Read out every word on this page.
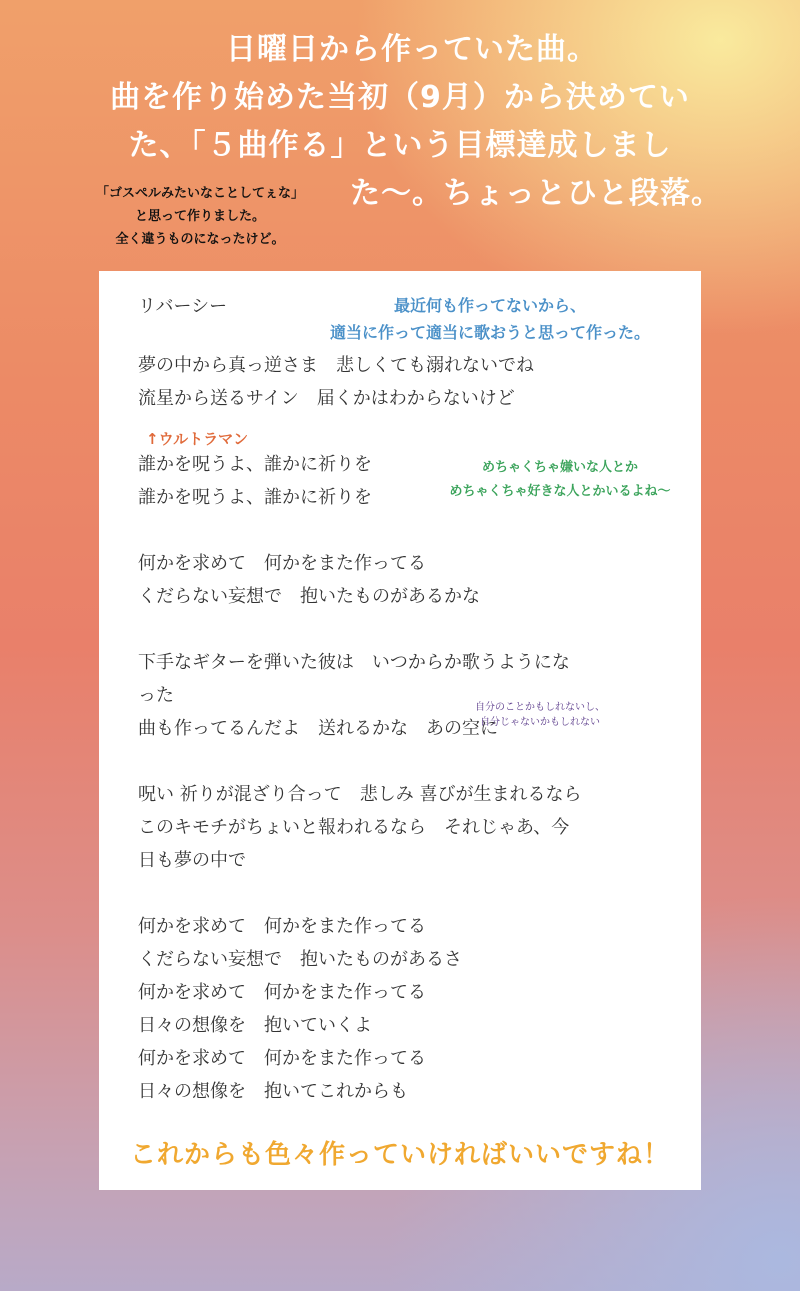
日曜日から作っていた曲。
曲を作り始めた当初（9月）から決めてい
た、「５曲作る」という目標達成しまし
た〜。ちょっとひと段落。
「ゴスペルみたいなことしてぇな」
と思って作りました。
全く違うものになったけど。
リバーシー
夢の中から真っ逆さま　悲しくても溺れないでね
流星から送るサイン　届くかはわからないけど
誰かを呪うよ、誰かに祈りを
誰かを呪うよ、誰かに祈りを
何かを求めて　何かをまた作ってる
くだらない妄想で　抱いたものがあるかな
下手なギターを弾いた彼は　いつからか歌うようにな
った
曲も作ってるんだよ　送れるかな　あの空に
呪い 祈りが混ざり合って　悲しみ 喜びが生まれるなら
このキモチがちょいと報われるなら　それじゃあ、今
日も夢の中で
何かを求めて　何かをまた作ってる
くだらない妄想で　抱いたものがあるさ
何かを求めて　何かをまた作ってる
日々の想像を　抱いていくよ
何かを求めて　何かをまた作ってる
日々の想像を　抱いてこれからも
最近何も作ってないから、
適当に作って適当に歌おうと思って作った。
↑ウルトラマン
めちゃくちゃ嫌いな人とか
めちゃくちゃ好きな人とかいるよね〜
自分のことかもしれないし、
自分じゃないかもしれない
これからも色々作っていければいいですね！
